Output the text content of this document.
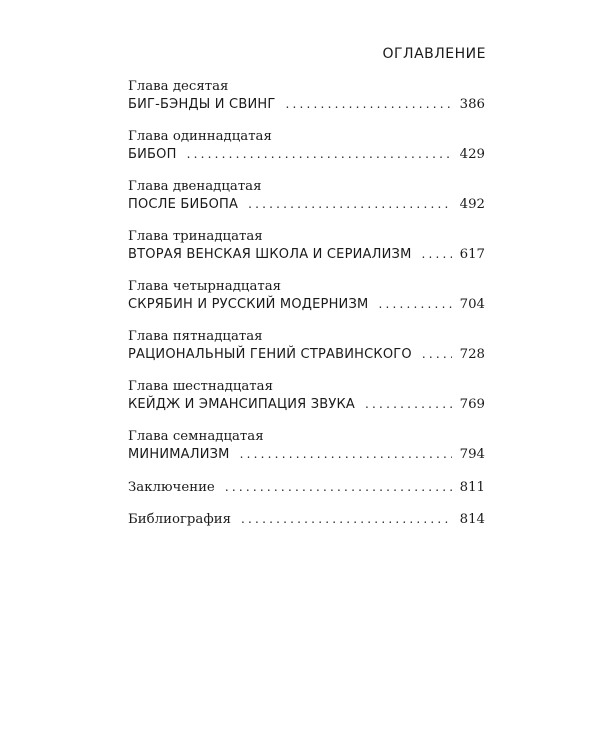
ОГЛАВЛЕНИЕ
Глава десятая
БИГ-БЭНДЫ И СВИНГ .....	386
Глава одиннадцатая
БИБОП .....	429
Глава двенадцатая
ПОСЛЕ БИБОПА .....	492
Глава тринадцатая
ВТОРАЯ ВЕНСКАЯ ШКОЛА И СЕРИАЛИЗМ .....	617
Глава четырнадцатая
СКРЯБИН И РУССКИЙ МОДЕРНИЗМ .....	704
Глава пятнадцатая
РАЦИОНАЛЬНЫЙ ГЕНИЙ СТРАВИНСКОГО .....	728
Глава шестнадцатая
КЕЙДЖ И ЭМАНСИПАЦИЯ ЗВУКА .....	769
Глава семнадцатая
МИНИМАЛИЗМ .....	794
Заключение .....	811
Библиография .....	814
